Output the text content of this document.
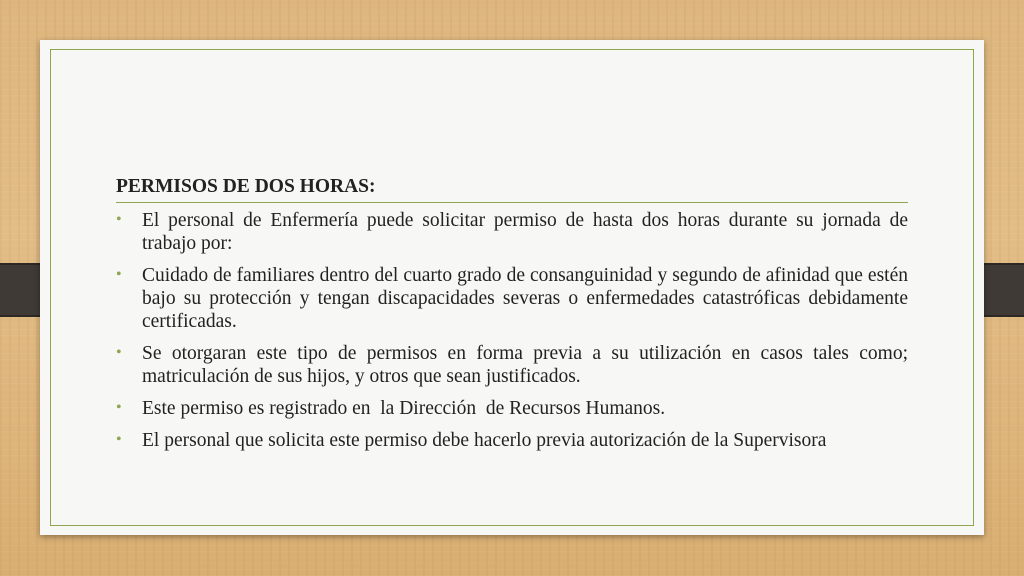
PERMISOS DE DOS HORAS:
• El personal de Enfermería puede solicitar permiso de hasta dos horas durante su jornada de trabajo por:
• Cuidado de familiares dentro del cuarto grado de consanguinidad y segundo de afinidad que estén bajo su protección y tengan discapacidades severas o enfermedades catastróficas debidamente certificadas.
• Se otorgaran este tipo de permisos en forma previa a su utilización en casos tales como; matriculación de sus hijos, y otros que sean justificados.
• Este permiso es registrado en  la Dirección  de Recursos Humanos.
• El personal que solicita este permiso debe hacerlo previa autorización de la Supervisora
